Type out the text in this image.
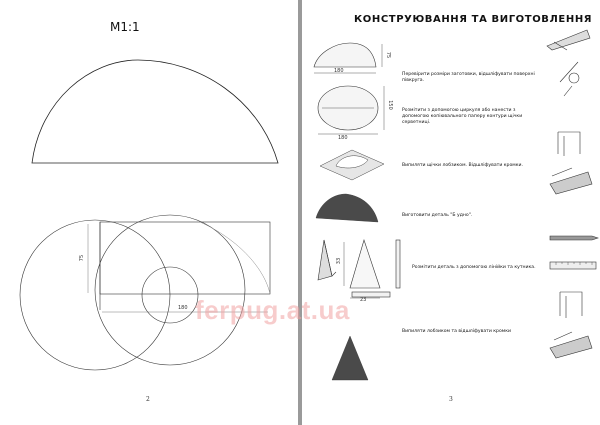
M1:1
75
180
2
КОНСТРУЮВАННЯ ТА ВИГОТОВЛЕННЯ
180
75
180
150
33
23
Перевірити розміри заготовки, відшліфувати поверхні півкруга.
Розмітити з допомогою циркуля або нанести з допомогою копіювального паперу контури щічки серветниці.
Випиляти щічки лобзиком. Відшліфувати кромки.
Виготовити деталь "Б удно".
Розмітити деталь з допомогою лінійки та кутника.
Випиляти лобзиком та відшліфувати кромки
3
ferpug.at.ua
